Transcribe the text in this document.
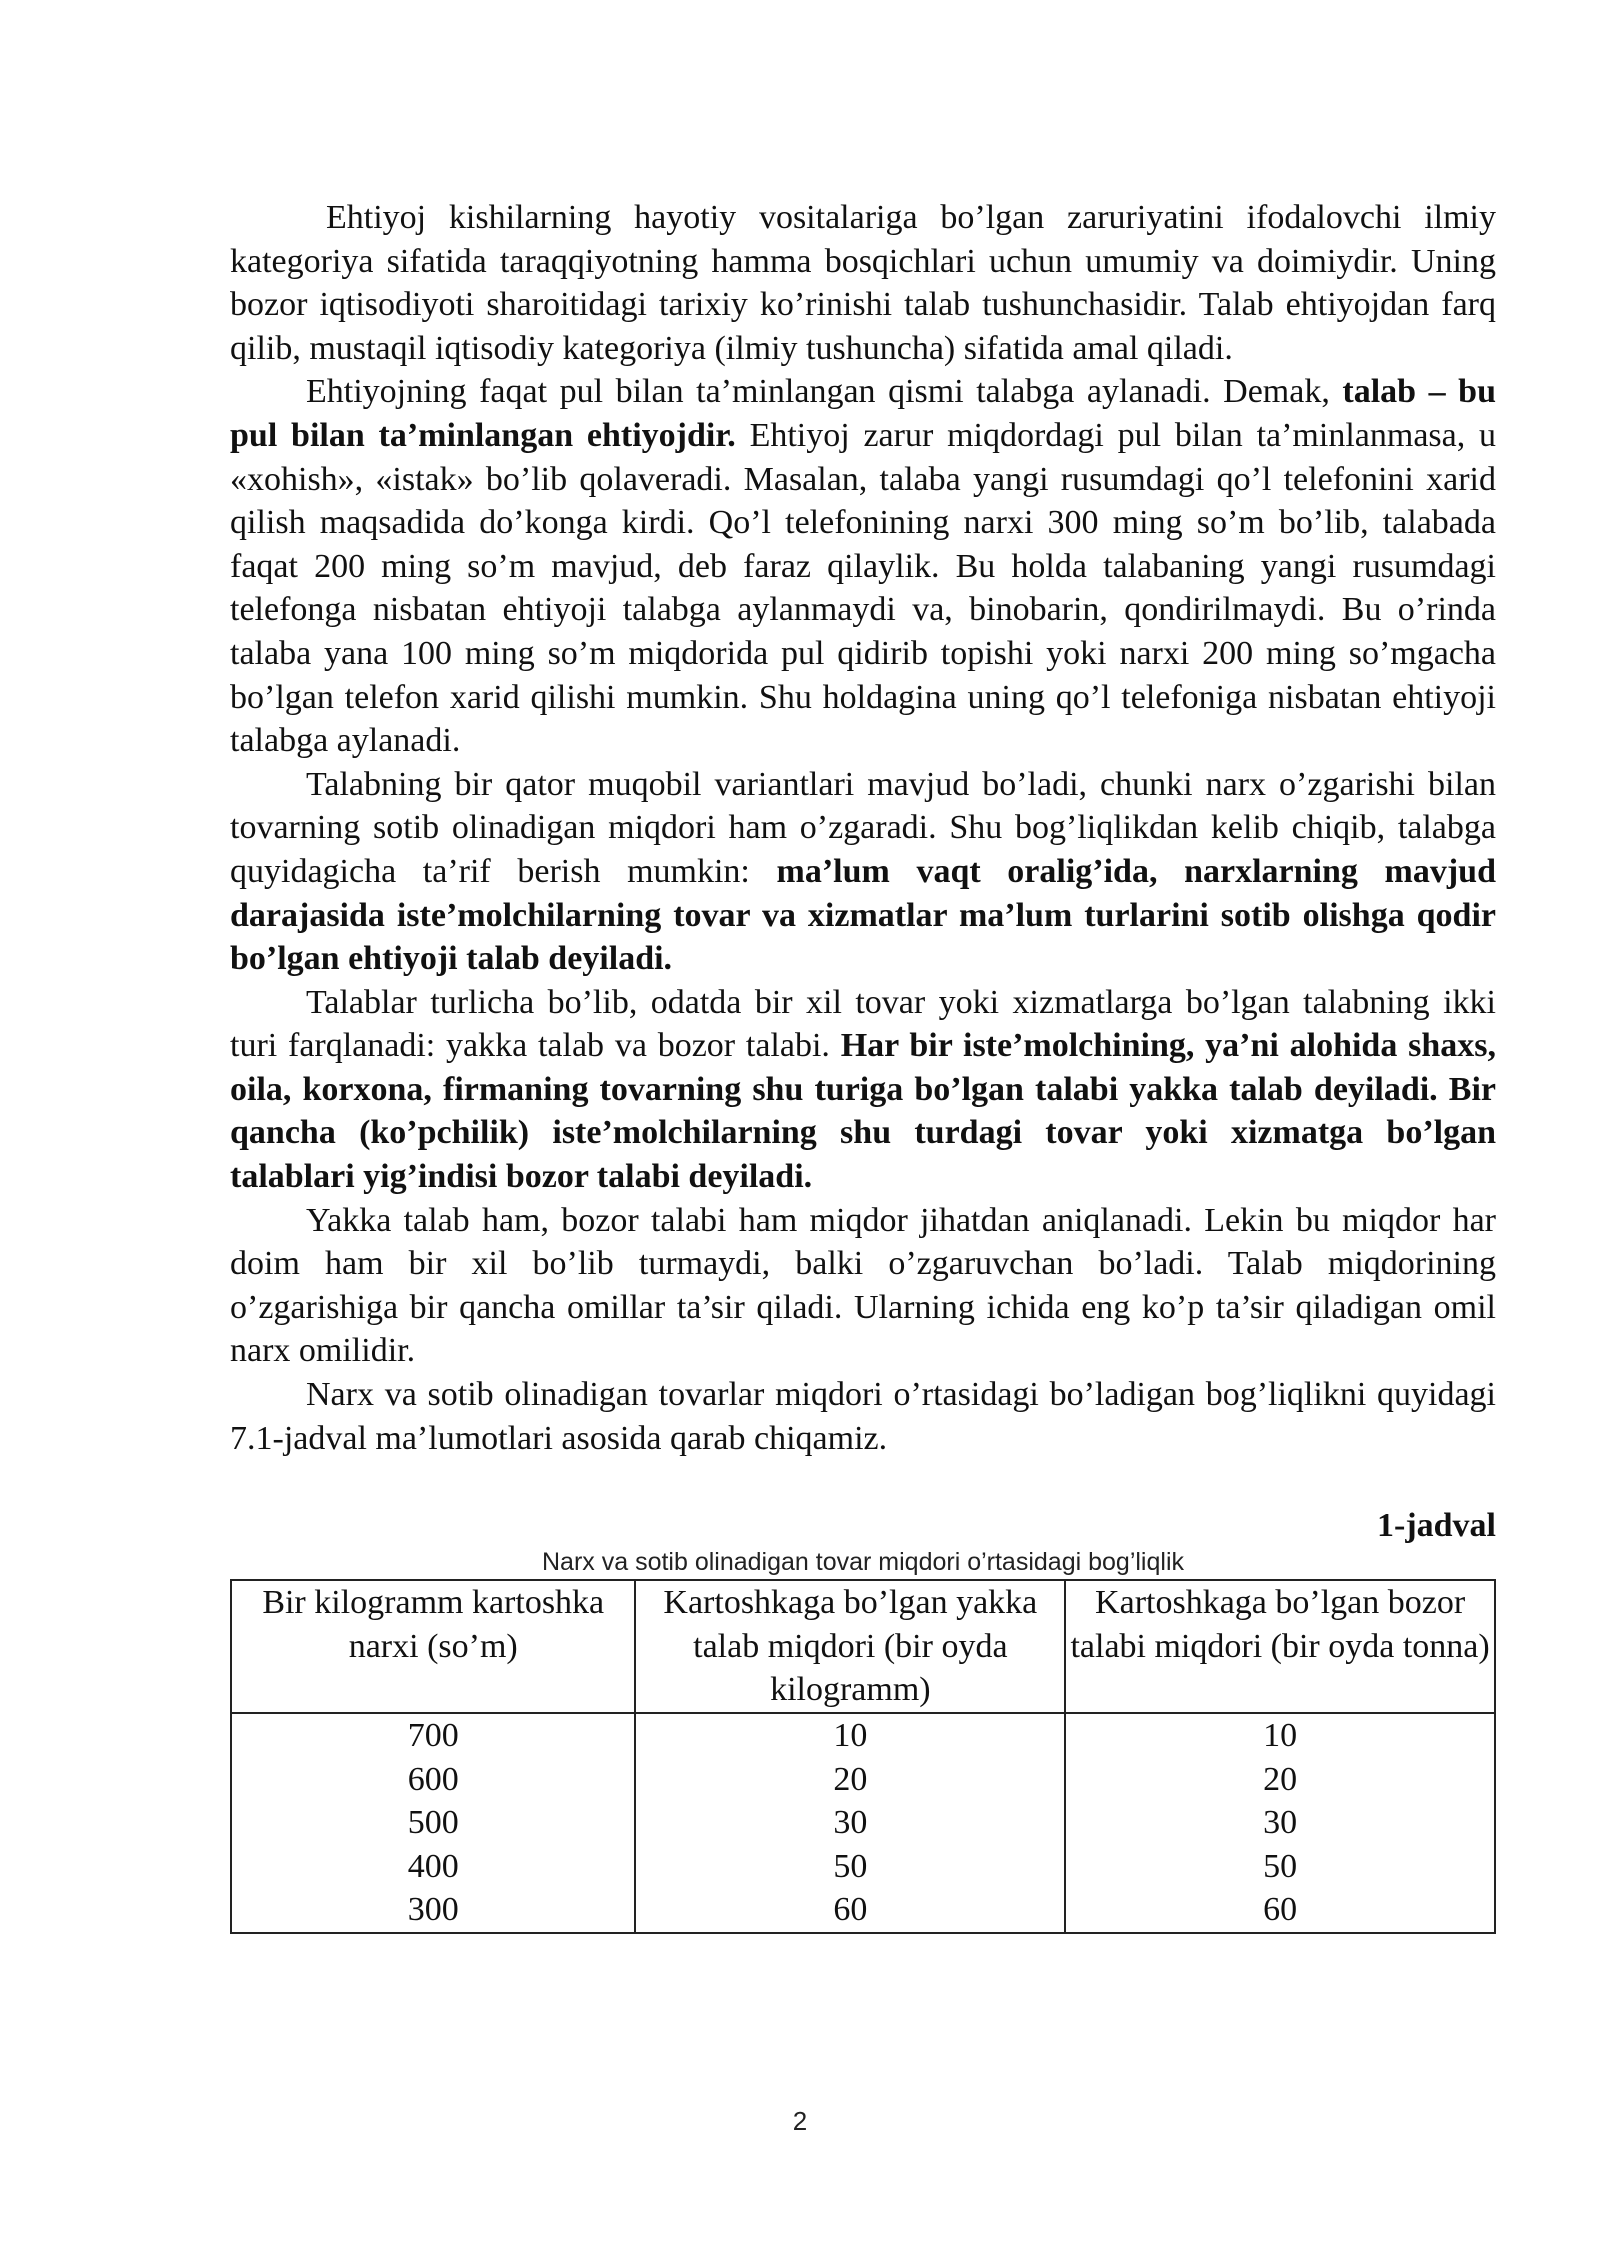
Ehtiyoj kishilarning hayotiy vositalariga bo’lgan zaruriyatini ifodalovchi ilmiy kategoriya sifatida taraqqiyotning hamma bosqichlari uchun umumiy va doimiydir. Uning bozor iqtisodiyoti sharoitidagi tarixiy ko’rinishi talab tushunchasidir. Talab ehtiyojdan farq qilib, mustaqil iqtisodiy kategoriya (ilmiy tushuncha) sifatida amal qiladi.

Ehtiyojning faqat pul bilan ta’minlangan qismi talabga aylanadi. Demak, talab – bu pul bilan ta’minlangan ehtiyojdir. Ehtiyoj zarur miqdordagi pul bilan ta’minlanmasa, u «xohish», «istak» bo’lib qolaveradi. Masalan, talaba yangi rusumdagi qo’l telefonini xarid qilish maqsadida do’konga kirdi. Qo’l telefonining narxi 300 ming so’m bo’lib, talabada faqat 200 ming so’m mavjud, deb faraz qilaylik. Bu holda talabaning yangi rusumdagi telefonga nisbatan ehtiyoji talabga aylanmaydi va, binobarin, qondirilmaydi. Bu o’rinda talaba yana 100 ming so’m miqdorida pul qidirib topishi yoki narxi 200 ming so’mgacha bo’lgan telefon xarid qilishi mumkin. Shu holdagina uning qo’l telefoniga nisbatan ehtiyoji talabga aylanadi.

Talabning bir qator muqobil variantlari mavjud bo’ladi, chunki narx o’zgarishi bilan tovarning sotib olinadigan miqdori ham o’zgaradi. Shu bog’liqlikdan kelib chiqib, talabga quyidagicha ta’rif berish mumkin: ma’lum vaqt oralig’ida, narxlarning mavjud darajasida iste’molchilarning tovar va xizmatlar ma’lum turlarini sotib olishga qodir bo’lgan ehtiyoji talab deyiladi.

Talablar turlicha bo’lib, odatda bir xil tovar yoki xizmatlarga bo’lgan talabning ikki turi farqlanadi: yakka talab va bozor talabi. Har bir iste’molchining, ya’ni alohida shaxs, oila, korxona, firmaning tovarning shu turiga bo’lgan talabi yakka talab deyiladi. Bir qancha (ko’pchilik) iste’molchilarning shu turdagi tovar yoki xizmatga bo’lgan talablari yig’indisi bozor talabi deyiladi.

Yakka talab ham, bozor talabi ham miqdor jihatdan aniqlanadi. Lekin bu miqdor har doim ham bir xil bo’lib turmaydi, balki o’zgaruvchan bo’ladi. Talab miqdorining o’zgarishiga bir qancha omillar ta’sir qiladi. Ularning ichida eng ko’p ta’sir qiladigan omil narx omilidir.

Narx va sotib olinadigan tovarlar miqdori o’rtasidagi bo’ladigan bog’liqlikni quyidagi 7.1-jadval ma’lumotlari asosida qarab chiqamiz.

1-jadval
Narx va sotib olinadigan tovar miqdori o’rtasidagi bog’liqlik
Bir kilogramm kartoshka narxi (so’m)	Kartoshkaga bo’lgan yakka talab miqdori (bir oyda kilogramm)	Kartoshkaga bo’lgan bozor talabi miqdori (bir oyda tonna)
700	10	10
600	20	20
500	30	30
400	50	50
300	60	60
2
